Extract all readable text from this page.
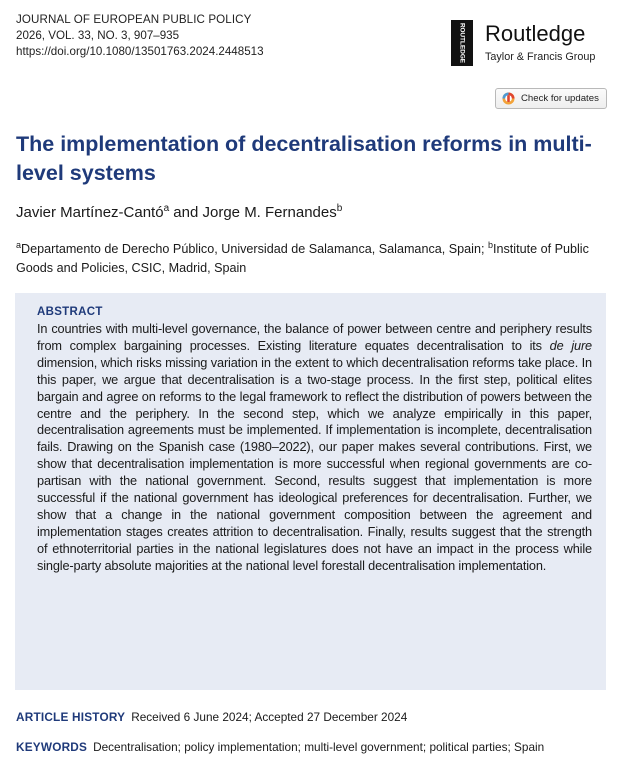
JOURNAL OF EUROPEAN PUBLIC POLICY
2026, VOL. 33, NO. 3, 907–935
https://doi.org/10.1080/13501763.2024.2448513	ROUTLEDGE Routledge
Taylor & Francis Group
Check for updates
The implementation of decentralisation reforms in multi-level systems
Javier Martínez-Cantó$^a$ and Jorge M. Fernandes$^b$
$^a$Departamento de Derecho Público, Universidad de Salamanca, Salamanca, Spain; $^b$Institute of Public Goods and Policies, CSIC, Madrid, Spain
ABSTRACT

In countries with multi-level governance, the balance of power between centre and periphery results from complex bargaining processes. Existing literature equates decentralisation to its de jure dimension, which risks missing variation in the extent to which decentralisation reforms take place. In this paper, we argue that decentralisation is a two-stage process. In the first step, political elites bargain and agree on reforms to the legal framework to reflect the distribution of powers between the centre and the periphery. In the second step, which we analyze empirically in this paper, decentralisation agreements must be implemented. If implementation is incomplete, decentralisation fails. Drawing on the Spanish case (1980–2022), our paper makes several contributions. First, we show that decentralisation implementation is more successful when regional governments are co-partisan with the national government. Second, results suggest that implementation is more successful if the national government has ideological preferences for decentralisation. Further, we show that a change in the national government composition between the agreement and implementation stages creates attrition to decentralisation. Finally, results suggest that the strength of ethnoterritorial parties in the national legislatures does not have an impact in the process while single-party absolute majorities at the national level forestall decentralisation implementation.

ARTICLE HISTORY Received 6 June 2024; Accepted 27 December 2024
KEYWORDS Decentralisation; policy implementation; multi-level government; political parties; Spain
